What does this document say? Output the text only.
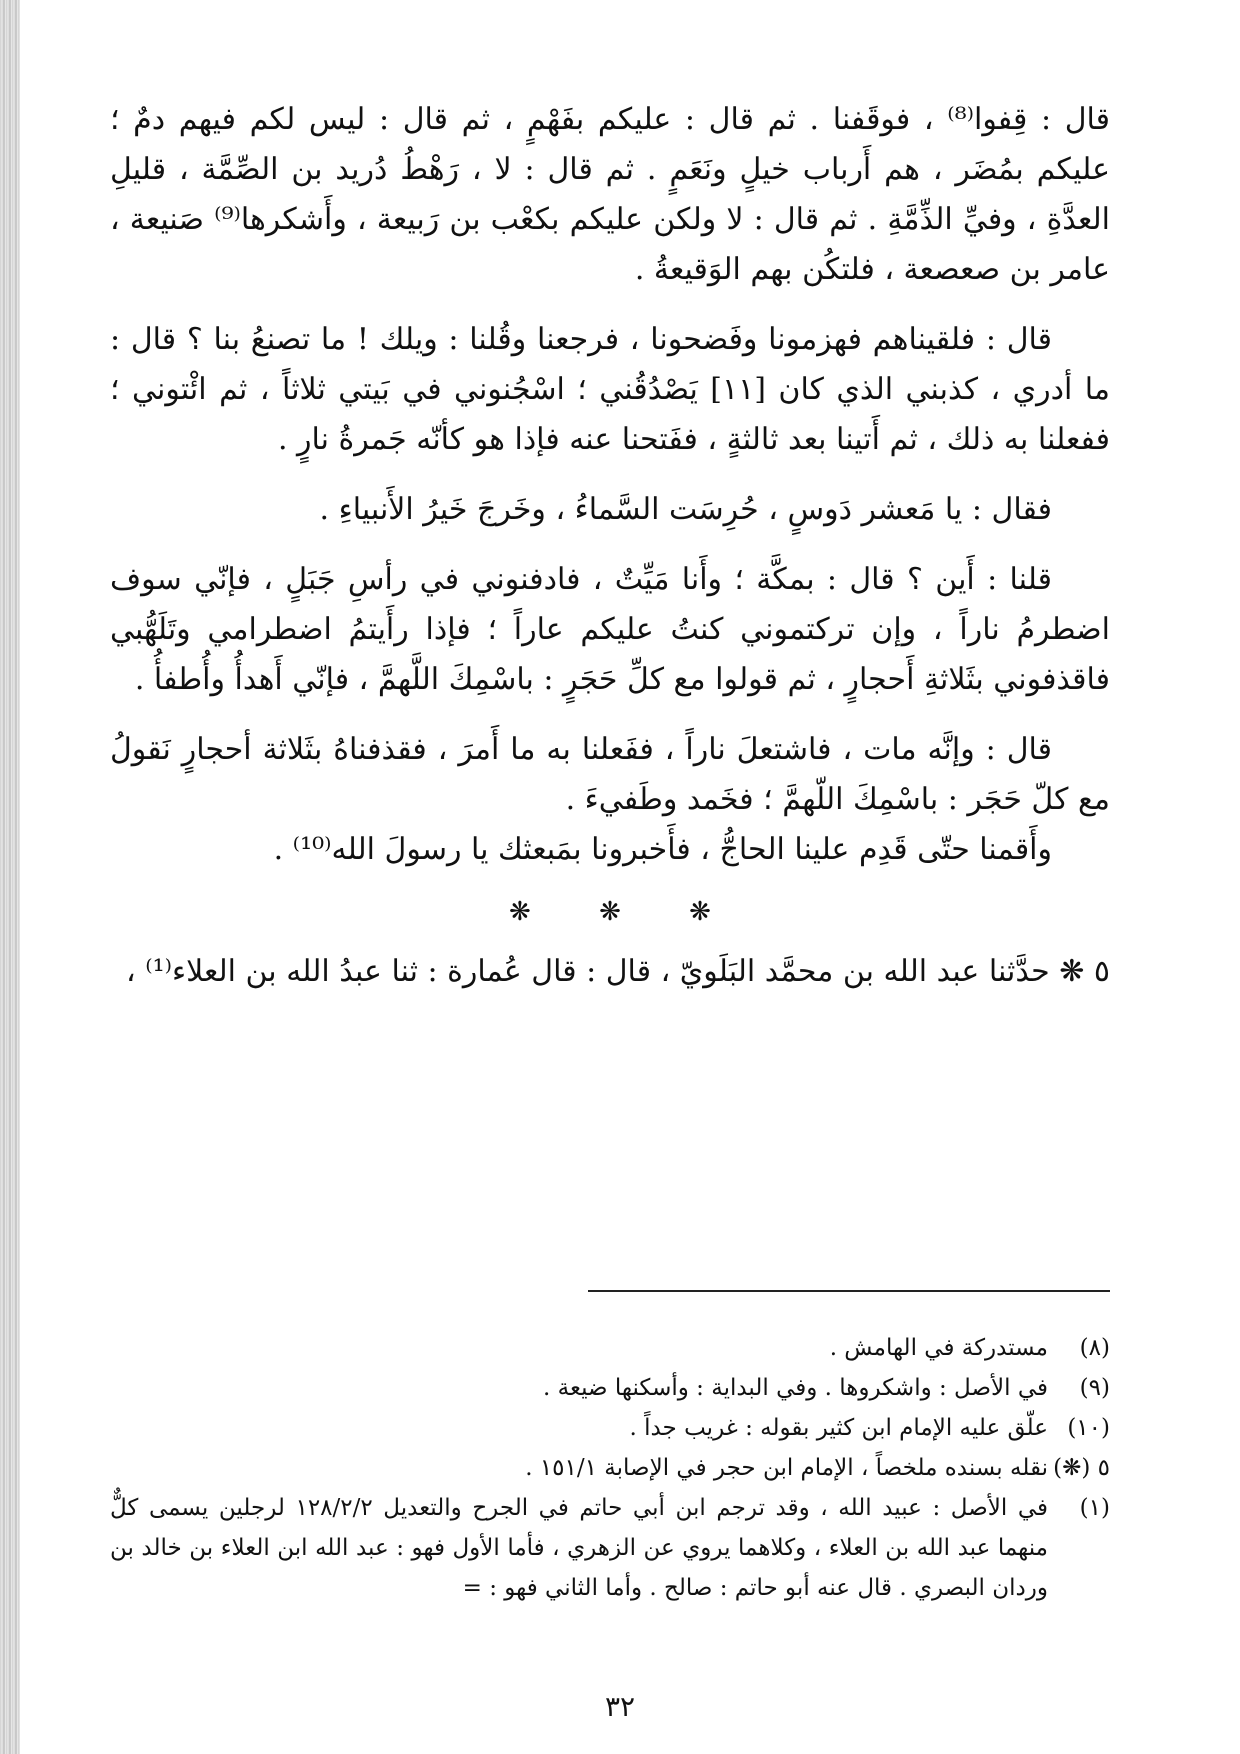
قال : قِفوا⁽⁸⁾ ، فوقَفنا . ثم قال : عليكم بفَهْمٍ ، ثم قال : ليس لكم فيهم دمٌ ؛ عليكم بمُضَر ، هم أَرباب خيلٍ ونَعَمٍ . ثم قال : لا ، رَهْطُ دُريد بن الصِّمَّة ، قليلِ العدَّةِ ، وفيِّ الذِّمَّةِ . ثم قال : لا ولكن عليكم بكعْب بن رَبيعة ، وأَشكرها⁽⁹⁾ صَنيعة ، عامر بن صعصعة ، فلتكُن بهم الوَقيعةُ .

قال : فلقيناهم فهزمونا وفَضحونا ، فرجعنا وقُلنا : ويلك ! ما تصنعُ بنا ؟ قال : ما أدري ، كذبني الذي كان [١١] يَصْدُقُني ؛ اسْجُنوني في بَيتي ثلاثاً ، ثم ائْتوني ؛ ففعلنا به ذلك ، ثم أَتينا بعد ثالثةٍ ، ففَتحنا عنه فإذا هو كأنّه جَمرةُ نارٍ .

فقال : يا مَعشر دَوسٍ ، حُرِسَت السَّماءُ ، وخَرجَ خَيرُ الأَنبياءِ .

قلنا : أَين ؟ قال : بمكَّة ؛ وأَنا مَيِّتٌ ، فادفنوني في رأسِ جَبَلٍ ، فإنّي سوف اضطرمُ ناراً ، وإن تركتموني كنتُ عليكم عاراً ؛ فإذا رأَيتمُ اضطرامي وتَلَهُّبي فاقذفوني بثَلاثةِ أَحجارٍ ، ثم قولوا مع كلِّ حَجَرٍ : باسْمِكَ اللَّهمَّ ، فإنّي أَهدأُ وأُطفأُ .

قال : وإنَّه مات ، فاشتعلَ ناراً ، ففَعلنا به ما أَمرَ ، فقذفناهُ بثَلاثة أحجارٍ نَقولُ مع كلّ حَجَر : باسْمِكَ اللّهمَّ ؛ فخَمد وطَفيءَ .

وأَقمنا حتّى قَدِم علينا الحاجُّ ، فأَخبرونا بمَبعثك يا رسولَ الله⁽¹⁰⁾ .

❋ ❋ ❋

٥ ❋ حدَّثنا عبد الله بن محمَّد البَلَويّ ، قال : قال عُمارة : ثنا عبدُ الله بن العلاء⁽¹⁾ ،

(٨)
مستدركة في الهامش .
(٩)
في الأصل : واشكروها . وفي البداية : وأسكنها ضيعة .
(١٠)
علّق عليه الإمام ابن كثير بقوله : غريب جداً .
٥ (❋)
نقله بسنده ملخصاً ، الإمام ابن حجر في الإصابة ١٥١/١ .
(١)
في الأصل : عبيد الله ، وقد ترجم ابن أبي حاتم في الجرح والتعديل ١٢٨/٢/٢ لرجلين يسمى كلٌّ منهما عبد الله بن العلاء ، وكلاهما يروي عن الزهري ، فأما الأول فهو : عبد الله ابن العلاء بن خالد بن وردان البصري . قال عنه أبو حاتم : صالح . وأما الثاني فهو : =
٣٢
